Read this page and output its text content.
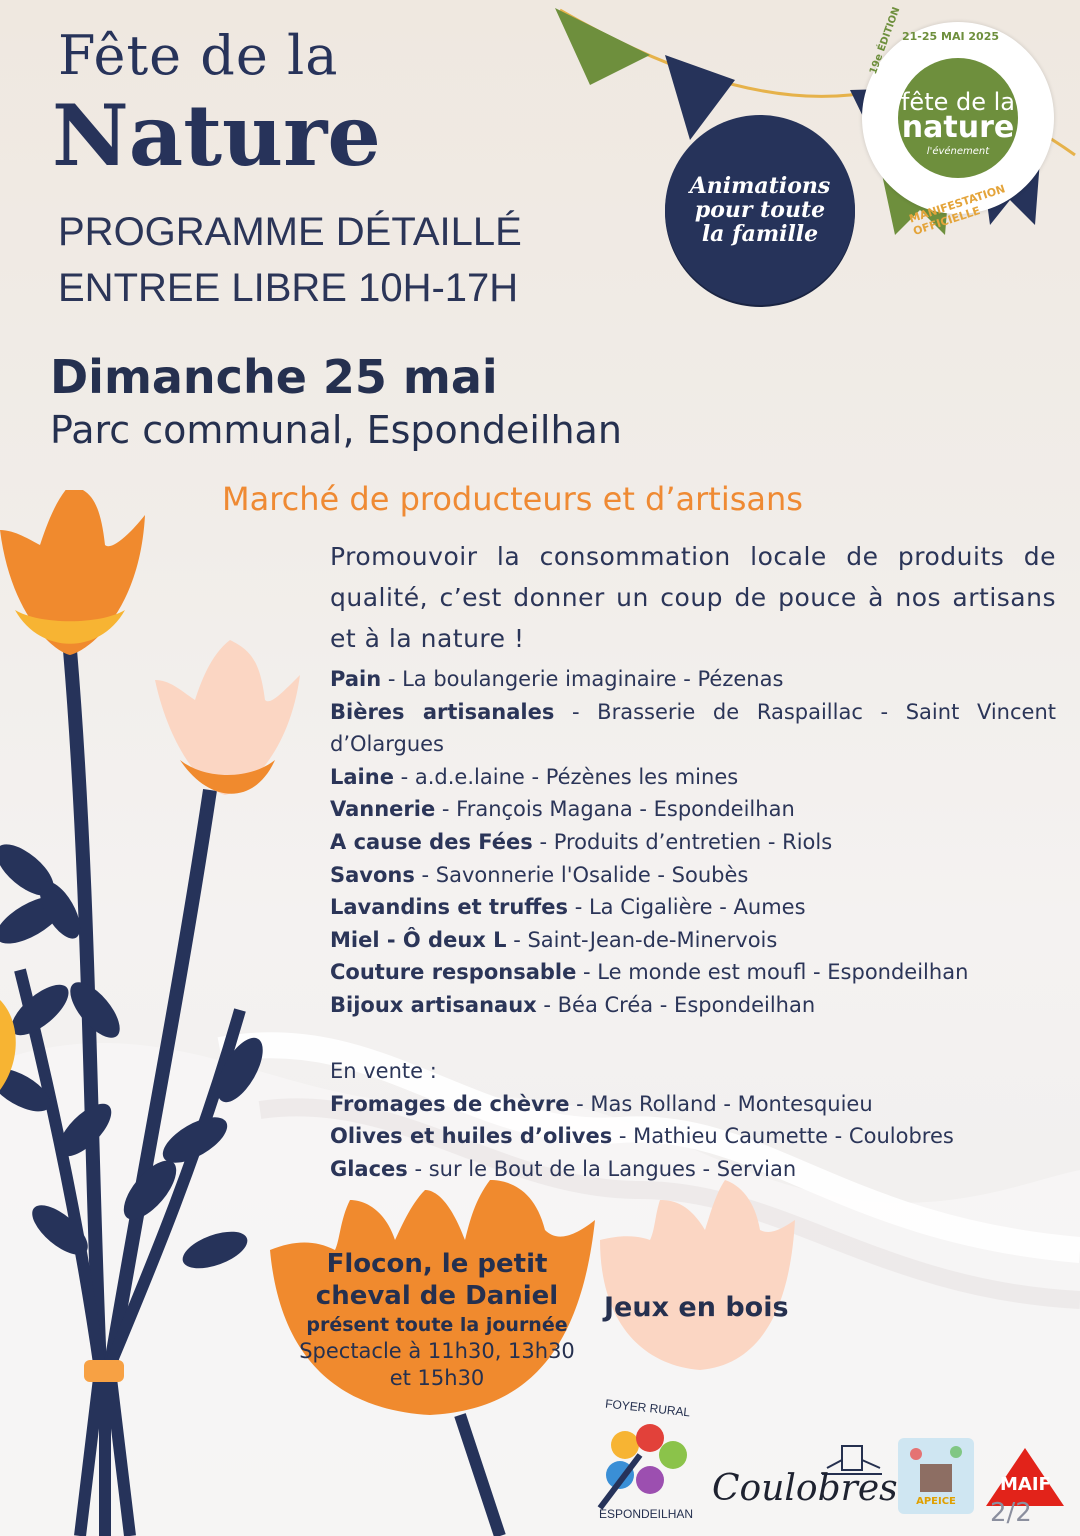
Fête de la
Nature
PROGRAMME DÉTAILLÉ
ENTREE LIBRE 10H-17H
Animations
pour toute
la famille
21-25 MAI 2025
19e ÉDITION
fête de la
nature
l'événement
MANIFESTATION OFFICIELLE
Dimanche 25 mai
Parc communal, Espondeilhan
Marché de producteurs et d’artisans
Promouvoir la consommation locale de produits de qualité, c’est donner un coup de pouce à nos artisans et à la nature !
Pain - La boulangerie imaginaire - Pézenas
Bières artisanales - Brasserie de Raspaillac - Saint Vincent d’Olargues
Laine - a.d.e.laine - Pézènes les mines
Vannerie - François Magana - Espondeilhan
A cause des Fées - Produits d’entretien - Riols
Savons - Savonnerie l'Osalide - Soubès
Lavandins et truffes - La Cigalière - Aumes
Miel - Ô deux L - Saint-Jean-de-Minervois
Couture responsable - Le monde est moufl - Espondeilhan
Bijoux artisanaux - Béa Créa - Espondeilhan
En vente :
Fromages de chèvre - Mas Rolland - Montesquieu
Olives et huiles d’olives - Mathieu Caumette - Coulobres
Glaces - sur le Bout de la Langues - Servian
Flocon, le petit
cheval de Daniel
présent toute la journée
Spectacle à 11h30, 13h30
et 15h30
Jeux en bois
FOYER RURAL
ESPONDEILHAN
Coulobres	APEICE
MAIF
2/2
